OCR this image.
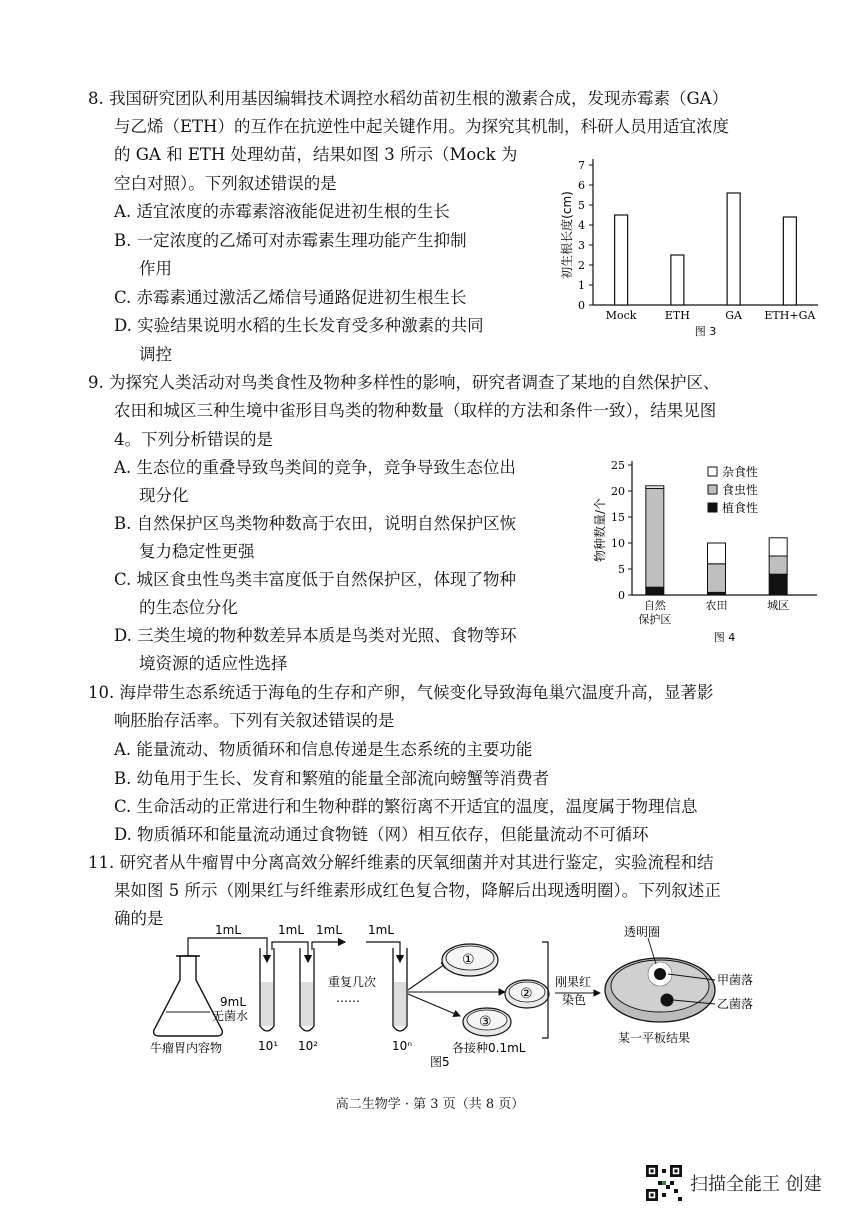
8. 我国研究团队利用基因编辑技术调控水稻幼苗初生根的激素合成，发现赤霉素（GA）
与乙烯（ETH）的互作在抗逆性中起关键作用。为探究其机制，科研人员用适宜浓度
的 GA 和 ETH 处理幼苗，结果如图 3 所示（Mock 为
空白对照）。下列叙述错误的是
A. 适宜浓度的赤霉素溶液能促进初生根的生长
B. 一定浓度的乙烯可对赤霉素生理功能产生抑制
作用
C. 赤霉素通过激活乙烯信号通路促进初生根生长
D. 实验结果说明水稻的生长发育受多种激素的共同
调控
0
1
2
3
4
5
6
7
初生根长度(cm)
Mock	ETH	GA ETH+GA
图 3
9. 为探究人类活动对鸟类食性及物种多样性的影响，研究者调查了某地的自然保护区、
农田和城区三种生境中雀形目鸟类的物种数量（取样的方法和条件一致），结果见图
4。下列分析错误的是
A. 生态位的重叠导致鸟类间的竞争，竞争导致生态位出
现分化
B. 自然保护区鸟类物种数高于农田，说明自然保护区恢
复力稳定性更强
C. 城区食虫性鸟类丰富度低于自然保护区，体现了物种
的生态位分化
D. 三类生境的物种数差异本质是鸟类对光照、食物等环
境资源的适应性选择
0
5
10
15
20
25
物种数量/个
自然
保护区
农田	城区
杂食性
食虫性
植食性
图 4
10. 海岸带生态系统适于海龟的生存和产卵，气候变化导致海龟巢穴温度升高，显著影
响胚胎存活率。下列有关叙述错误的是
A. 能量流动、物质循环和信息传递是生态系统的主要功能
B. 幼龟用于生长、发育和繁殖的能量全部流向螃蟹等消费者
C. 生命活动的正常进行和生物种群的繁衍离不开适宜的温度，温度属于物理信息
D. 物质循环和能量流动通过食物链（网）相互依存，但能量流动不可循环
11. 研究者从牛瘤胃中分离高效分解纤维素的厌氧细菌并对其进行鉴定，实验流程和结
果如图 5 所示（刚果红与纤维素形成红色复合物，降解后出现透明圈）。下列叙述正
确的是
牛瘤胃内容物
1mL	1mL 1mL 1mL
9mL
无菌水
10¹ 10²	10ⁿ
重复几次
……
①
②
③
各接种0.1mL
图5
刚果红
染色
透明圈
甲菌落
乙菌落
某一平板结果
高二生物学 · 第 3 页（共 8 页）
扫描全能王 创建
